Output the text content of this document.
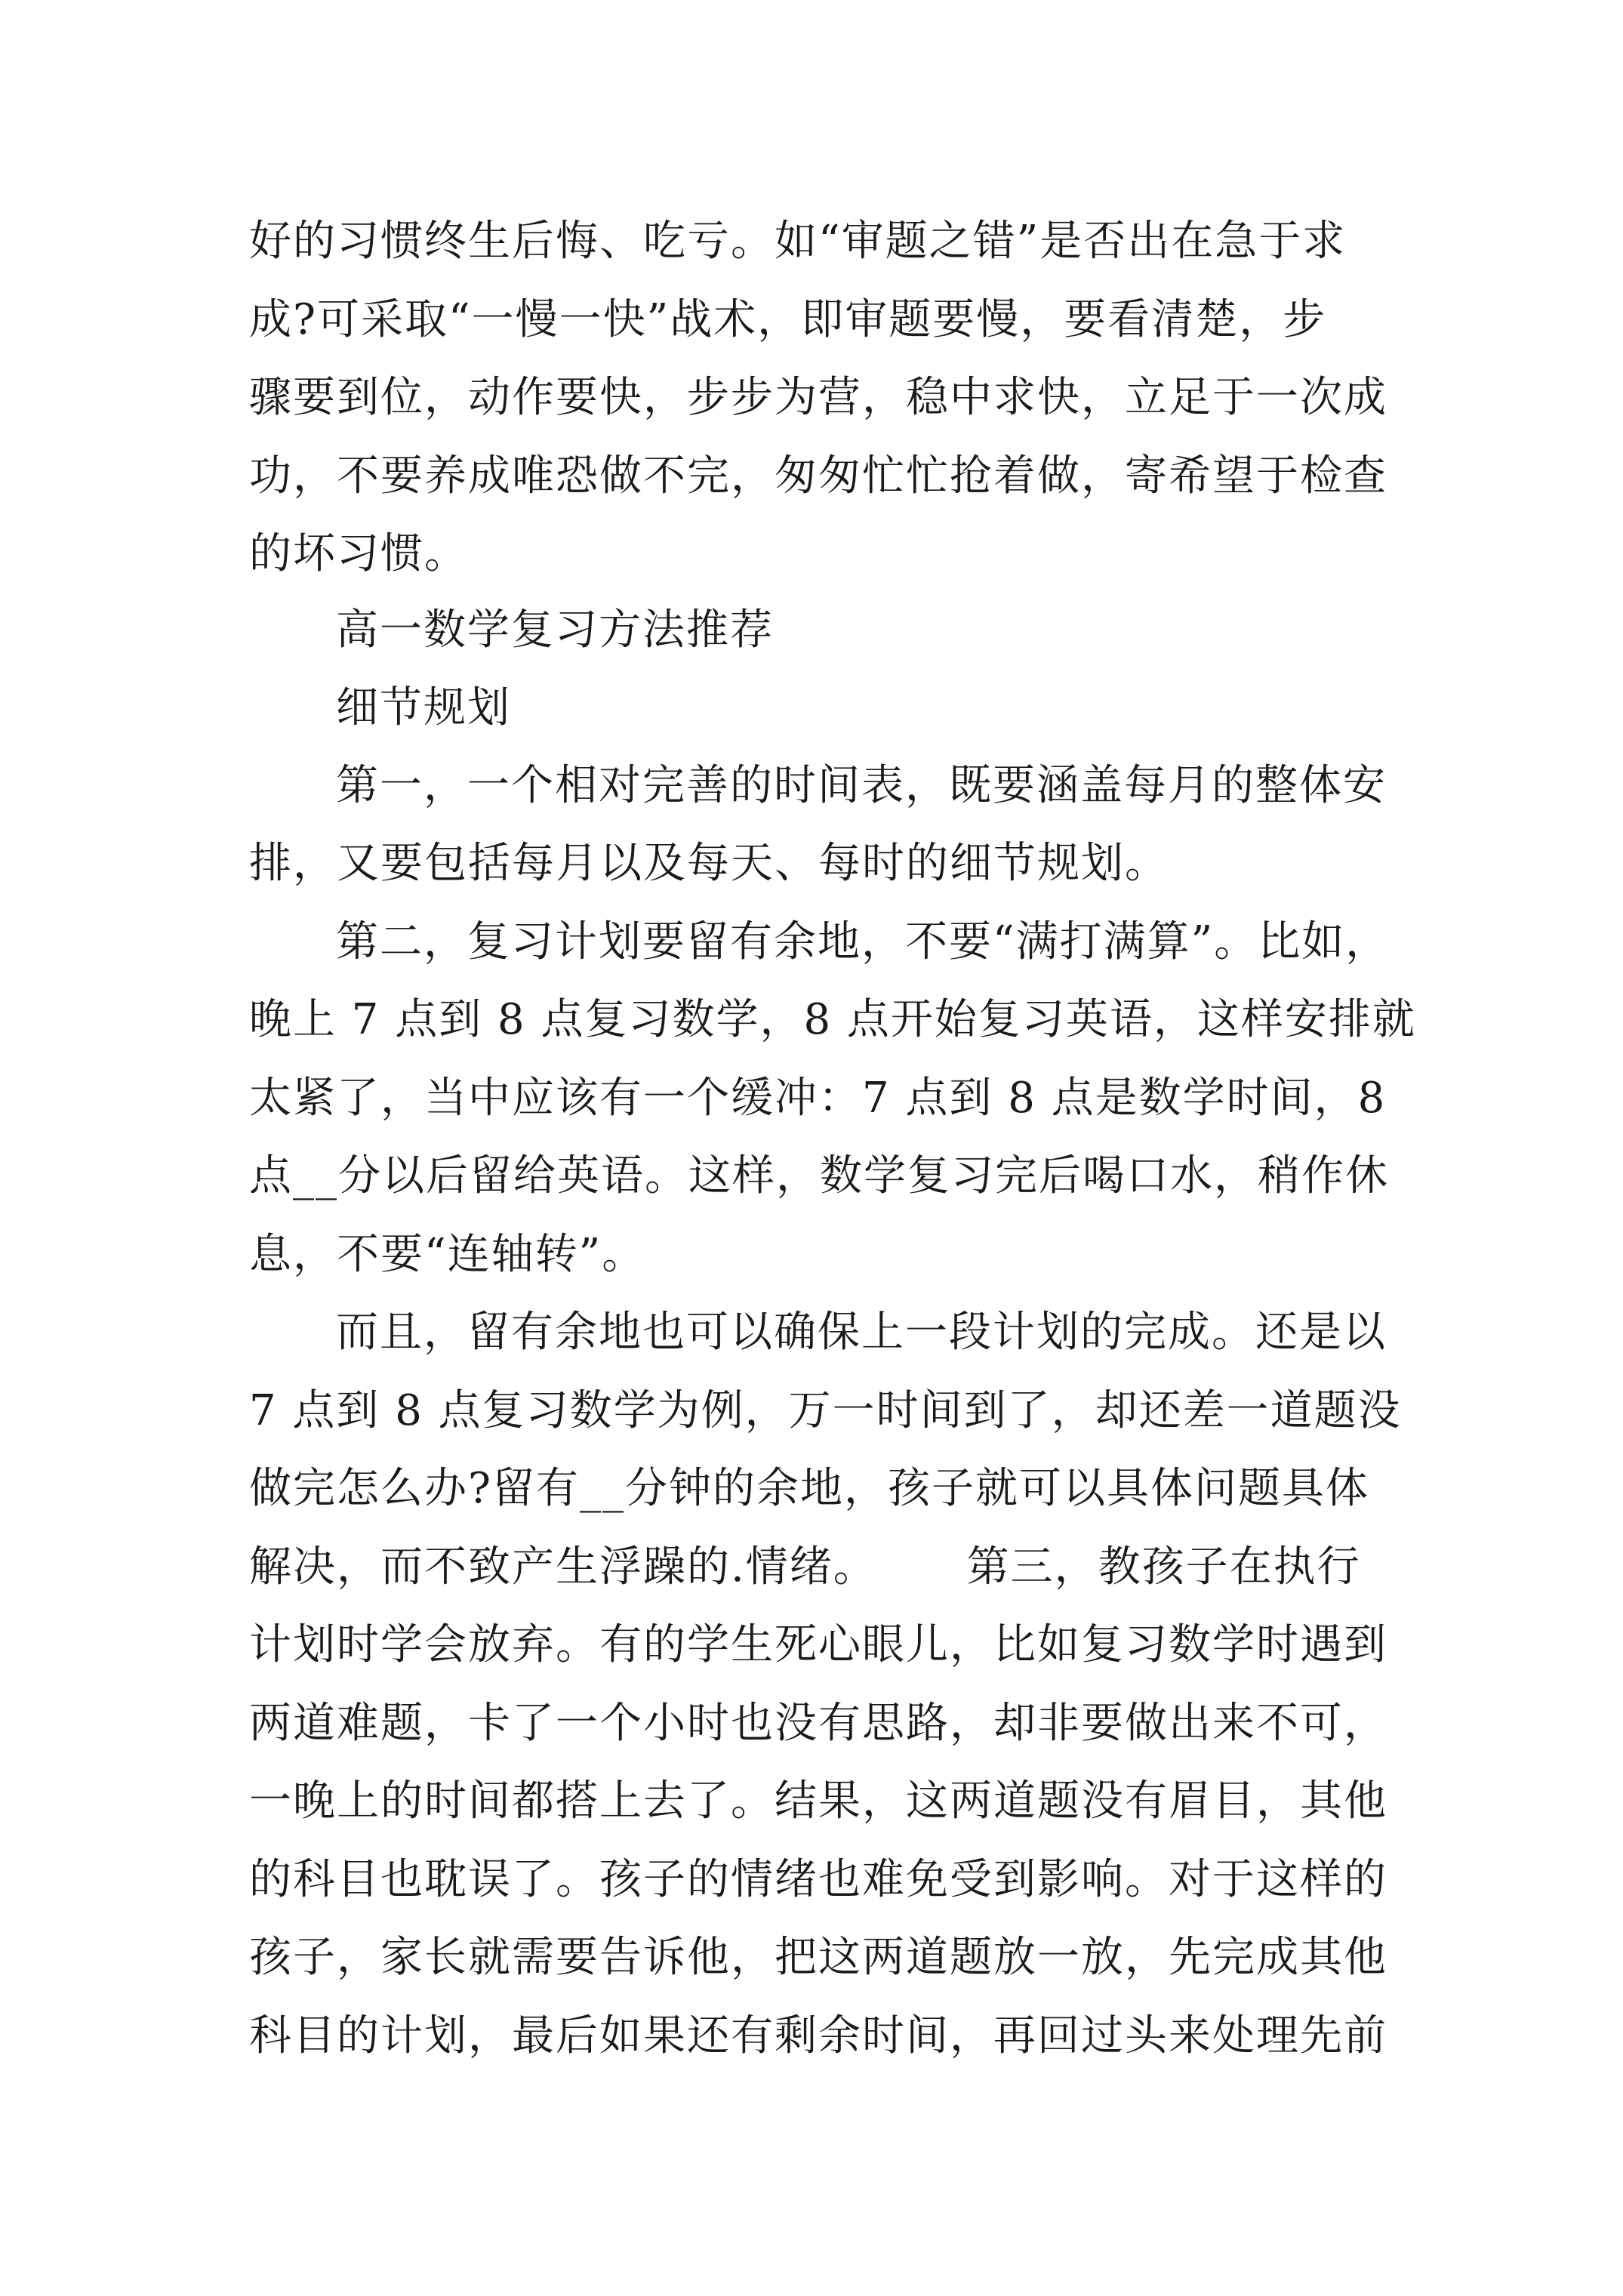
好的习惯终生后悔、吃亏。如“审题之错”是否出在急于求
成?可采取“一慢一快”战术，即审题要慢，要看清楚，步
骤要到位，动作要快，步步为营，稳中求快，立足于一次成
功，不要养成唯恐做不完，匆匆忙忙抢着做，寄希望于检查
的坏习惯。
高一数学复习方法推荐
细节规划
第一，一个相对完善的时间表，既要涵盖每月的整体安
排，又要包括每月以及每天、每时的细节规划。
第二，复习计划要留有余地，不要“满打满算”。比如，
晚上 7 点到 8 点复习数学，8 点开始复习英语，这样安排就
太紧了，当中应该有一个缓冲：7 点到 8 点是数学时间，8
点__分以后留给英语。这样，数学复习完后喝口水，稍作休
息，不要“连轴转”。
而且，留有余地也可以确保上一段计划的完成。还是以
7 点到 8 点复习数学为例，万一时间到了，却还差一道题没
做完怎么办?留有__分钟的余地，孩子就可以具体问题具体
解决，而不致产生浮躁的.情绪。      第三，教孩子在执行
计划时学会放弃。有的学生死心眼儿，比如复习数学时遇到
两道难题，卡了一个小时也没有思路，却非要做出来不可，
一晚上的时间都搭上去了。结果，这两道题没有眉目，其他
的科目也耽误了。孩子的情绪也难免受到影响。对于这样的
孩子，家长就需要告诉他，把这两道题放一放，先完成其他
科目的计划，最后如果还有剩余时间，再回过头来处理先前
